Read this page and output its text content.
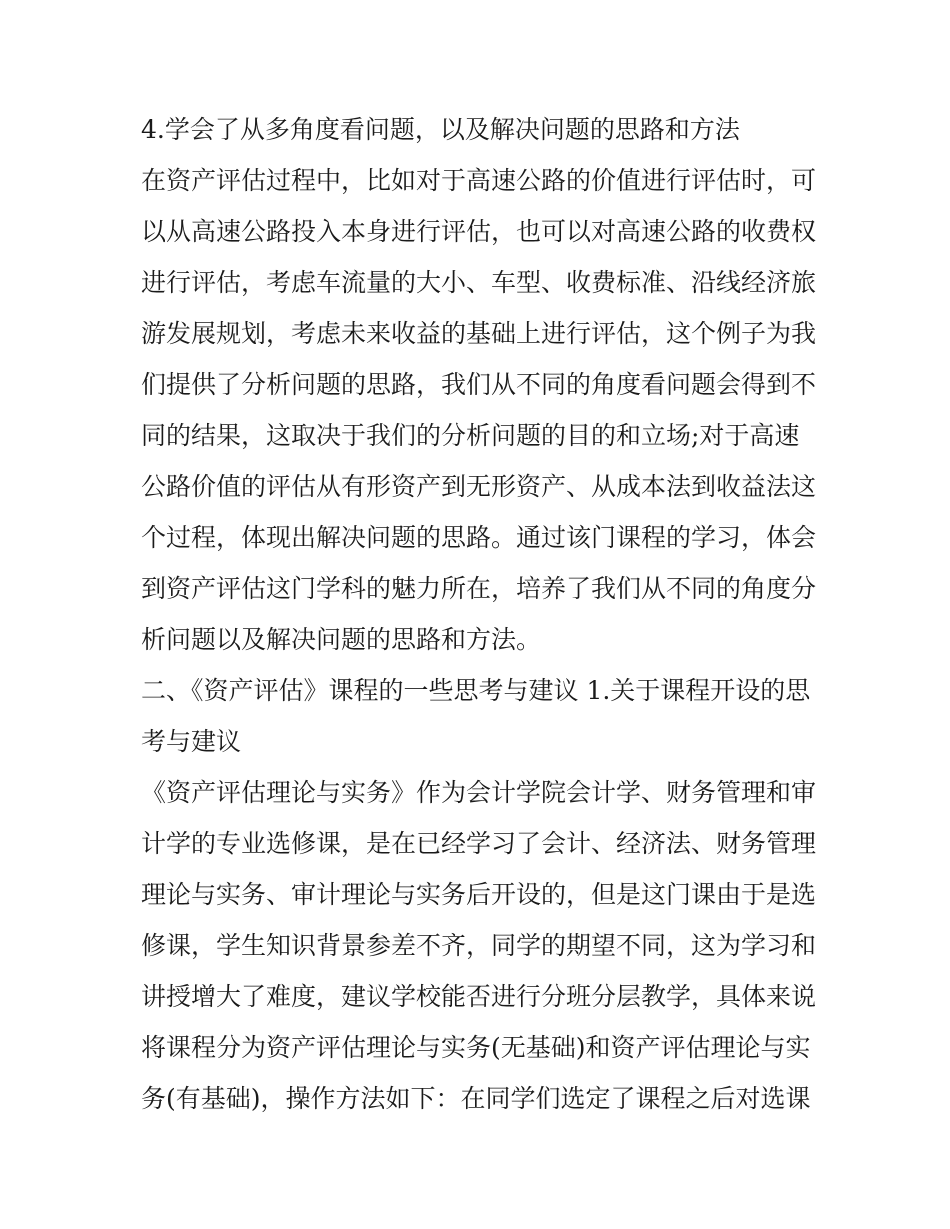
4.学会了从多角度看问题，以及解决问题的思路和方法
在资产评估过程中，比如对于高速公路的价值进行评估时，可
以从高速公路投入本身进行评估，也可以对高速公路的收费权
进行评估，考虑车流量的大小、车型、收费标准、沿线经济旅
游发展规划，考虑未来收益的基础上进行评估，这个例子为我
们提供了分析问题的思路，我们从不同的角度看问题会得到不
同的结果，这取决于我们的分析问题的目的和立场;对于高速
公路价值的评估从有形资产到无形资产、从成本法到收益法这
个过程，体现出解决问题的思路。通过该门课程的学习，体会
到资产评估这门学科的魅力所在，培养了我们从不同的角度分
析问题以及解决问题的思路和方法。
二、《资产评估》课程的一些思考与建议 1.关于课程开设的思
考与建议
《资产评估理论与实务》作为会计学院会计学、财务管理和审
计学的专业选修课，是在已经学习了会计、经济法、财务管理
理论与实务、审计理论与实务后开设的，但是这门课由于是选
修课，学生知识背景参差不齐，同学的期望不同，这为学习和
讲授增大了难度，建议学校能否进行分班分层教学，具体来说
将课程分为资产评估理论与实务(无基础)和资产评估理论与实
务(有基础)，操作方法如下：在同学们选定了课程之后对选课
